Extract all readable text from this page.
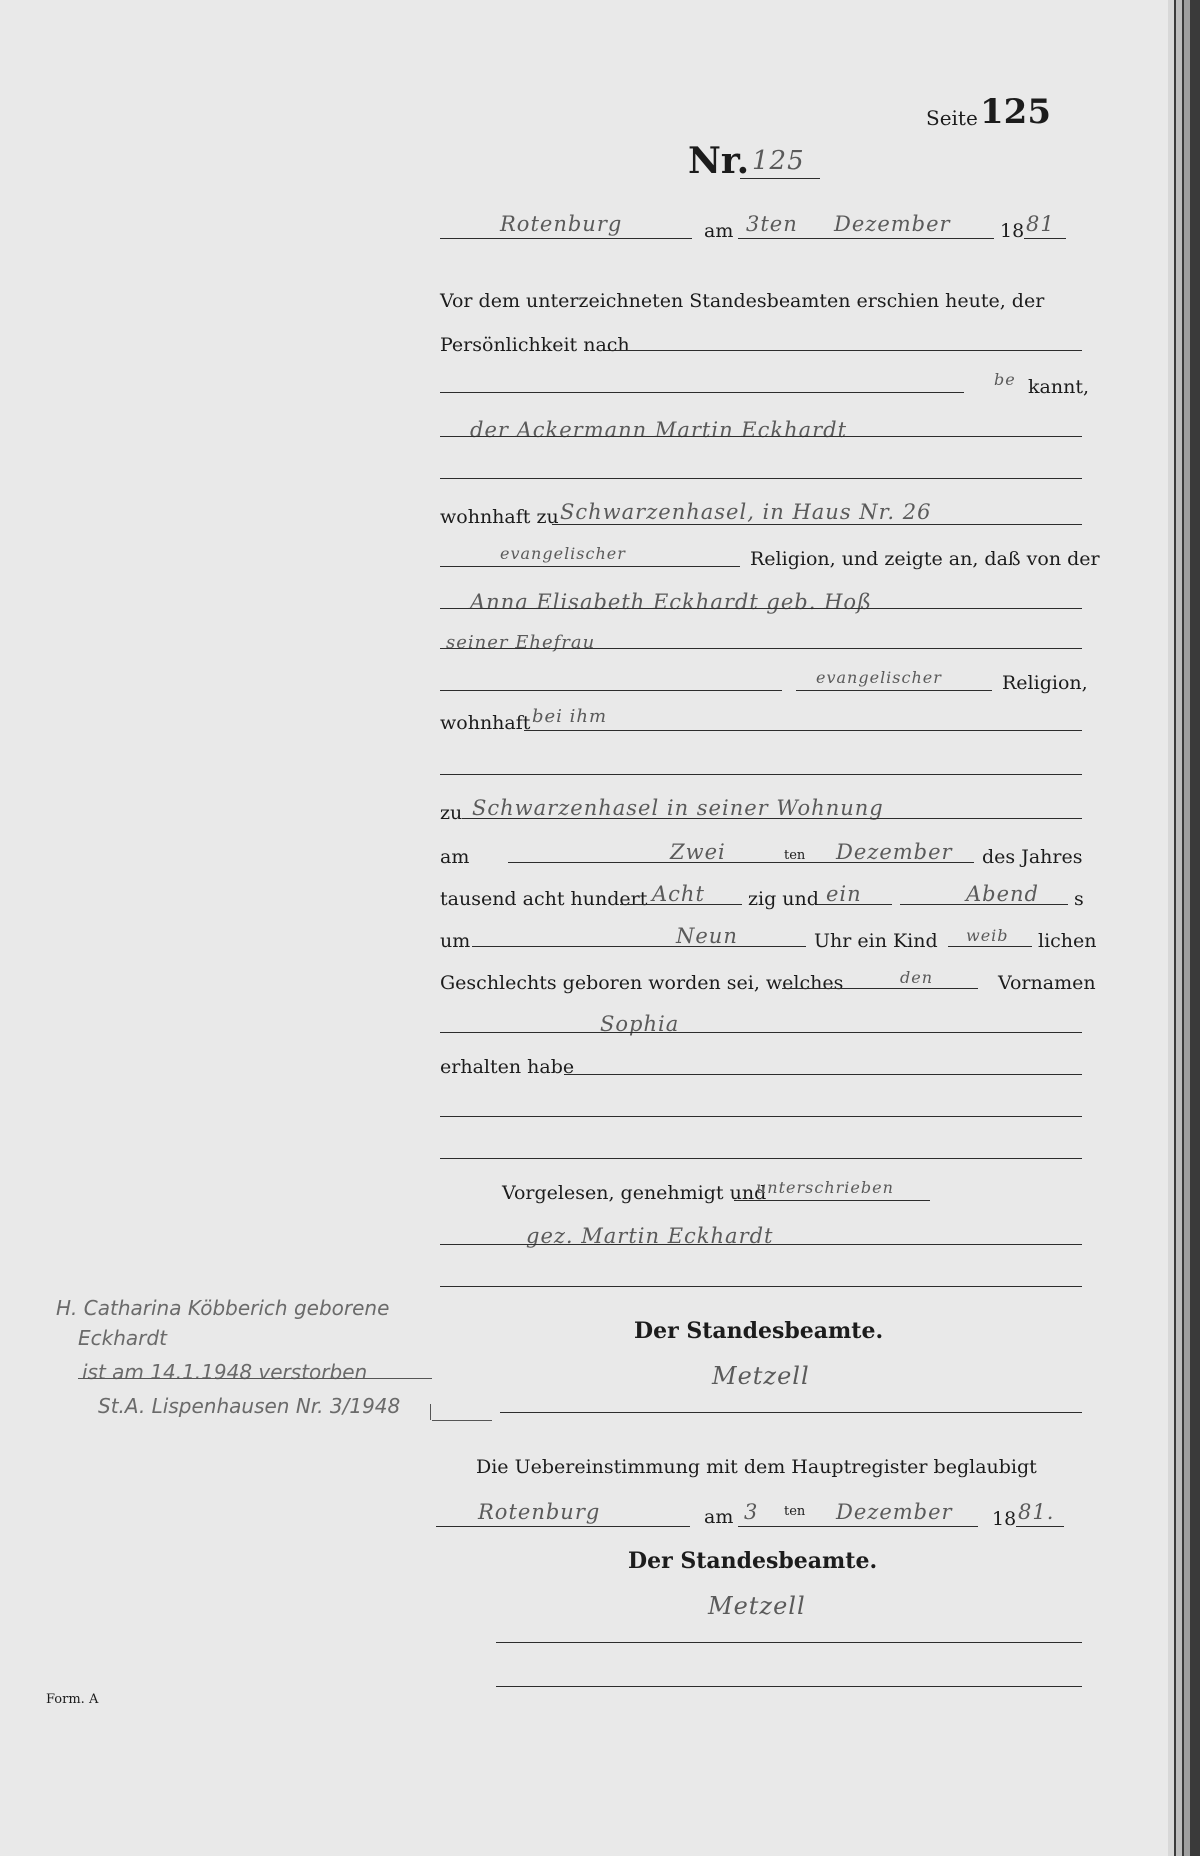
Seite 125
Nr. 125
Rotenburg	am 3ten Dezember	18 81
Vor dem unterzeichneten Standesbeamten erschien heute, der
Persönlichkeit nach
be kannt,
der Ackermann Martin Eckhardt
wohnhaft zu Schwarzenhasel, in Haus Nr. 26
evangelischer	Religion, und zeigte an, daß von der
Anna Elisabeth Eckhardt geb. Hoß
seiner Ehefrau
evangelischer	Religion,
wohnhaft bei ihm
zu Schwarzenhasel in seiner Wohnung
am	Zwei	ten Dezember des Jahres
tausend acht hundert Acht zig und ein	Abend s
um	Neun	Uhr ein Kind weib lichen
Geschlechts geboren worden sei, welches	den	Vornamen
Sophia
erhalten habe
Vorgelesen, genehmigt und
unterschrieben
gez. Martin Eckhardt
Der Standesbeamte.
Metzell
Die Uebereinstimmung mit dem Hauptregister beglaubigt
Rotenburg	am 3 ten Dezember 18 81.
Der Standesbeamte.
Metzell
H. Catharina Köbberich geborene
Eckhardt
ist am 14.1.1948 verstorben
St.A. Lispenhausen Nr. 3/1948
Form. A
